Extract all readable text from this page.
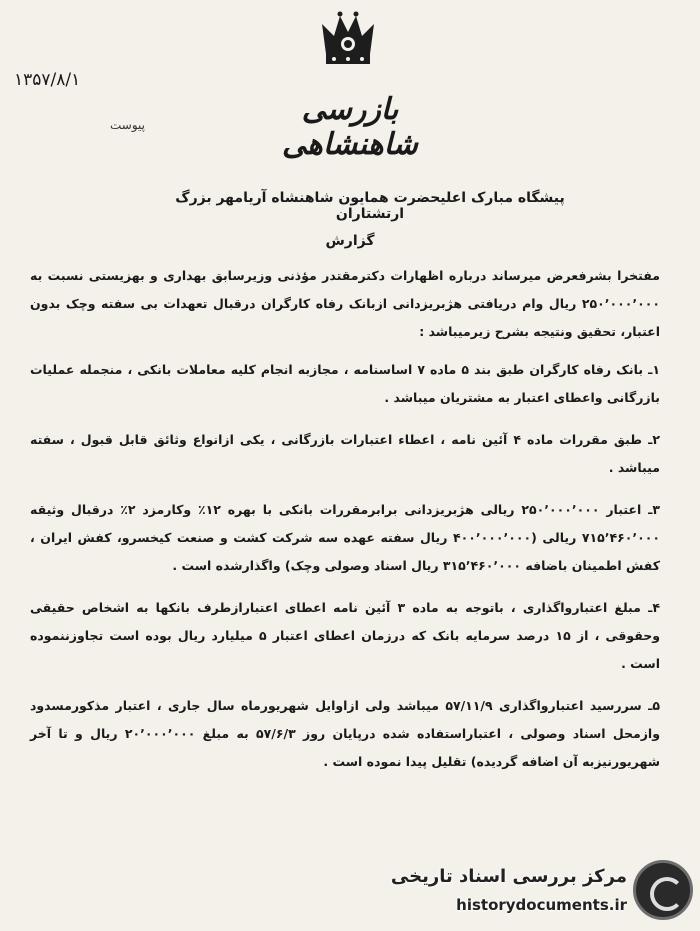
۱۳۵۷/۸/۱
پیوست	بازرسی شاهنشاهی
پیشگاه مبارک اعلیحضرت همایون شاهنشاه آریامهر بزرگ ارتشتاران
گزارش

مفتخرا بشرفعرض میرساند درباره اظهارات دکترمقتدر مؤذنی وزیرسابق بهداری و بهزیستی نسبت به ۲۵۰٬۰۰۰٬۰۰۰ ریال وام دریافتی هژبریزدانی ازبانک رفاه کارگران درقبال تعهدات بی سفته وچک بدون اعتبار، تحقیق ونتیجه بشرح زیرمیباشد :

۱ـ بانک رفاه کارگران طبق بند ۵ ماده ۷ اساسنامه ، مجازبه انجام کلیه معاملات بانکی ، منجمله عملیات بازرگانی واعطای اعتبار به مشتریان میباشد .

۲ـ طبق مقررات ماده ۴ آئین نامه ، اعطاء اعتبارات بازرگانی ، یکی ازانواع وثائق قابل قبول ، سفته میباشد .

۳ـ اعتبار ۲۵۰٬۰۰۰٬۰۰۰ ریالی هژبریزدانی برابرمقررات بانکی با بهره ۱۲٪ وکارمزد ۲٪ درقبال وثیقه ۷۱۵٬۴۶۰٬۰۰۰ ریالی (۴۰۰٬۰۰۰٬۰۰۰ ریال سفته عهده سه شرکت کشت و صنعت کیخسرو، کفش ایران ، کفش اطمینان باضافه ۳۱۵٬۴۶۰٬۰۰۰ ریال اسناد وصولی وچک) واگذارشده است .

۴ـ مبلغ اعتبارواگذاری ، باتوجه به ماده ۳ آئین نامه اعطای اعتبارازطرف بانکها به اشخاص حقیقی وحقوقی ، از ۱۵ درصد سرمایه بانک که درزمان اعطای اعتبار ۵ میلیارد ریال بوده است تجاوزننموده است .

۵ـ سررسید اعتبارواگذاری ۵۷/۱۱/۹ میباشد ولی ازاوایل شهریورماه سال جاری ، اعتبار مذکورمسدود وازمحل اسناد وصولی ، اعتباراستفاده شده درپایان روز ۵۷/۶/۳ به مبلغ ۲۰٬۰۰۰٬۰۰۰ ریال و تا آخر شهریورنیزبه آن اضافه گردیده) تقلیل پیدا نموده است .

مرکز بررسی اسناد تاریخی
historydocuments.ir
